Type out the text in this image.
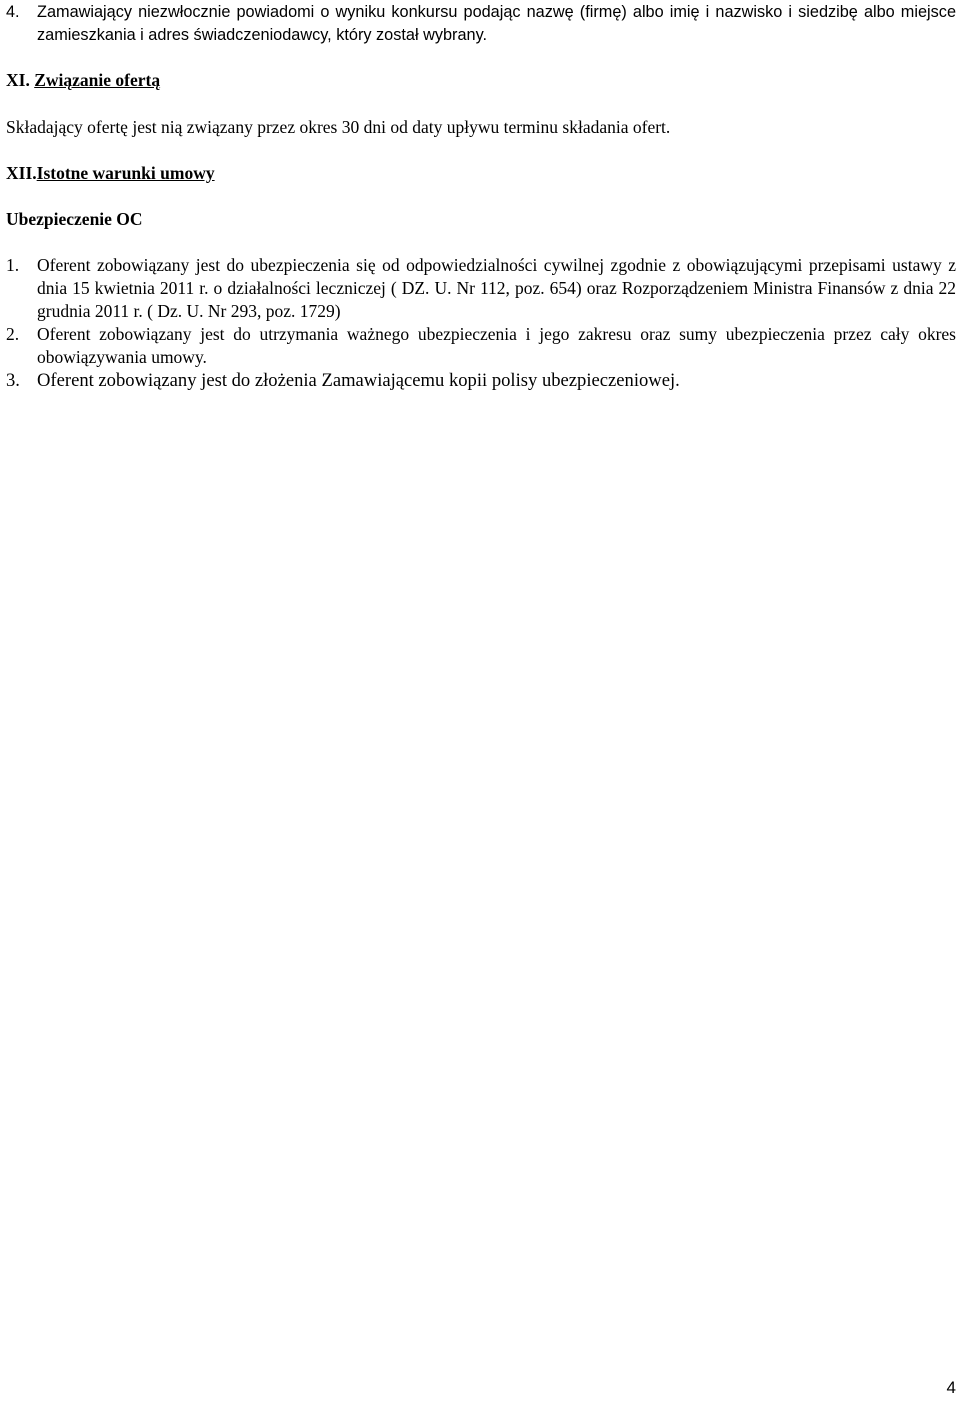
4. Zamawiający niezwłocznie powiadomi o wyniku konkursu podając nazwę (firmę) albo imię i nazwisko i siedzibę albo miejsce zamieszkania i adres świadczeniodawcy, który został wybrany.
XI. Związanie ofertą
Składający ofertę jest nią związany przez okres 30 dni od daty upływu terminu składania ofert.
XII.Istotne warunki umowy
Ubezpieczenie OC
1. Oferent zobowiązany jest do ubezpieczenia się od odpowiedzialności cywilnej zgodnie z obowiązującymi przepisami ustawy z dnia 15 kwietnia 2011 r. o działalności leczniczej ( DZ. U. Nr 112, poz. 654) oraz Rozporządzeniem Ministra Finansów z dnia 22 grudnia 2011 r. ( Dz. U. Nr 293, poz. 1729)
2. Oferent zobowiązany jest do utrzymania ważnego ubezpieczenia i jego zakresu oraz sumy ubezpieczenia przez cały okres obowiązywania umowy.
3. Oferent zobowiązany jest do złożenia Zamawiającemu kopii polisy ubezpieczeniowej.
4
